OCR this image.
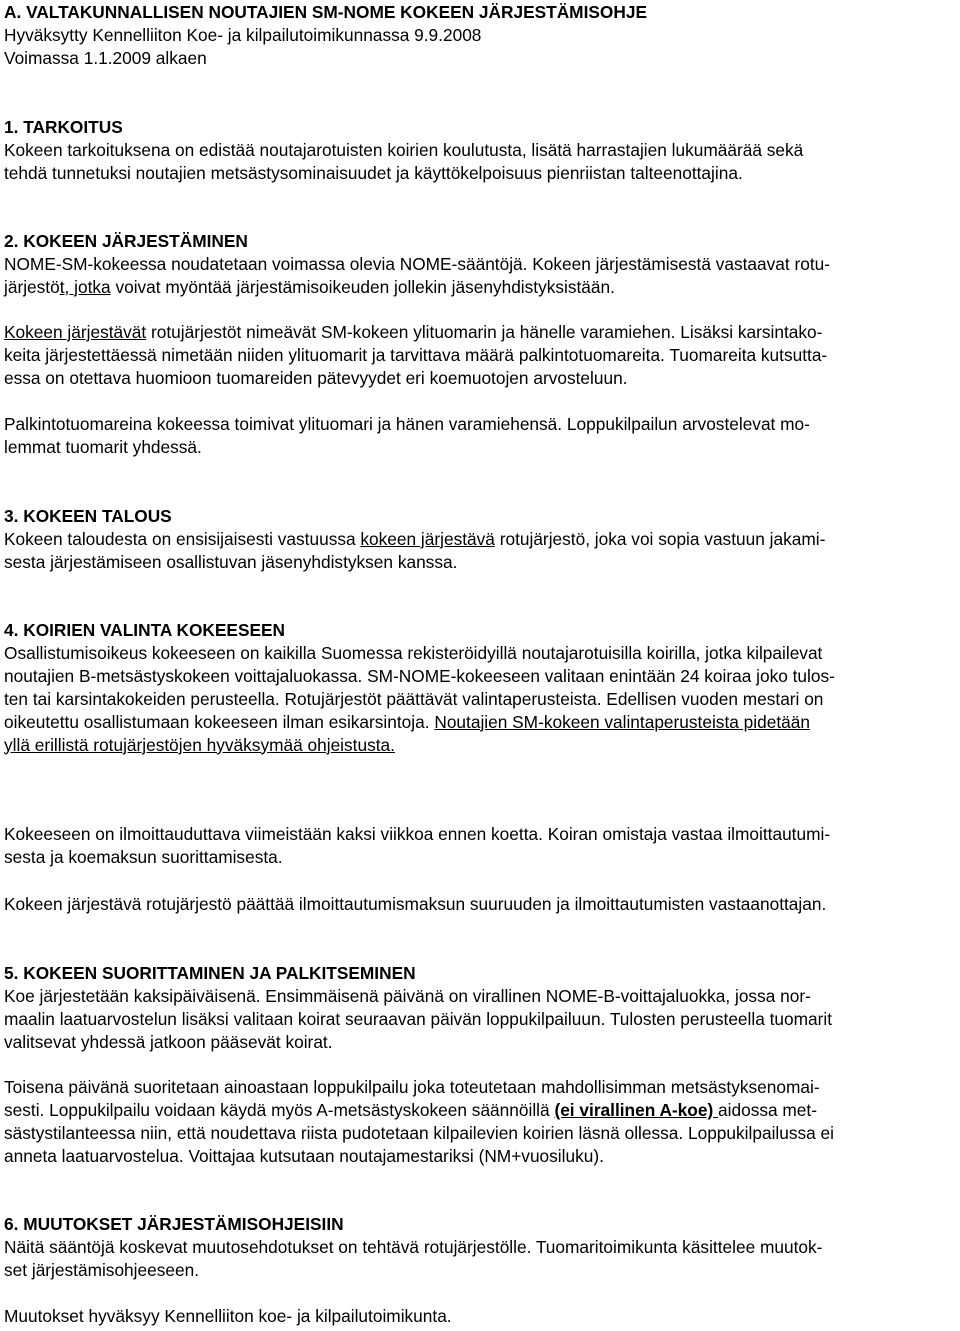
A. VALTAKUNNALLISEN NOUTAJIEN SM-NOME KOKEEN JÄRJESTÄMISOHJE
Hyväksytty Kennelliiton Koe- ja kilpailutoimikunnassa 9.9.2008
Voimassa 1.1.2009 alkaen
1. TARKOITUS
Kokeen tarkoituksena on edistää noutajarotuisten koirien koulutusta, lisätä harrastajien lukumäärää sekä
tehdä tunnetuksi noutajien metsästysominaisuudet ja käyttökelpoisuus pienriistan talteenottajina.
2. KOKEEN JÄRJESTÄMINEN
NOME-SM-kokeessa noudatetaan voimassa olevia NOME-sääntöjä. Kokeen järjestämisestä vastaavat rotu-
järjestöt, jotka voivat myöntää järjestämisoikeuden jollekin jäsenyhdistyksistään.
Kokeen järjestävät rotujärjestöt nimeävät SM-kokeen ylituomarin ja hänelle varamiehen. Lisäksi karsintako-
keita järjestettäessä nimetään niiden ylituomarit ja tarvittava määrä palkintotuomareita. Tuomareita kutsutta-
essa on otettava huomioon tuomareiden pätevyydet eri koemuotojen arvosteluun.
Palkintotuomareina kokeessa toimivat ylituomari ja hänen varamiehensä. Loppukilpailun arvostelevat mo-
lemmat tuomarit yhdessä.
3. KOKEEN TALOUS
Kokeen taloudesta on ensisijaisesti vastuussa kokeen järjestävä rotujärjestö, joka voi sopia vastuun jakami-
sesta järjestämiseen osallistuvan jäsenyhdistyksen kanssa.
4. KOIRIEN VALINTA KOKEESEEN
Osallistumisoikeus kokeeseen on kaikilla Suomessa rekisteröidyillä noutajarotuisilla koirilla, jotka kilpailevat
noutajien B-metsästyskokeen voittajaluokassa. SM-NOME-kokeeseen valitaan enintään 24 koiraa joko tulos-
ten tai karsintakokeiden perusteella. Rotujärjestöt päättävät valintaperusteista. Edellisen vuoden mestari on
oikeutettu osallistumaan kokeeseen ilman esikarsintoja. Noutajien SM-kokeen valintaperusteista pidetään
yllä erillistä rotujärjestöjen hyväksymää ohjeistusta.
Kokeeseen on ilmoittauduttava viimeistään kaksi viikkoa ennen koetta. Koiran omistaja vastaa ilmoittautumi-
sesta ja koemaksun suorittamisesta.
Kokeen järjestävä rotujärjestö päättää ilmoittautumismaksun suuruuden ja ilmoittautumisten vastaanottajan.
5. KOKEEN SUORITTAMINEN JA PALKITSEMINEN
Koe järjestetään kaksipäiväisenä. Ensimmäisenä päivänä on virallinen NOME-B-voittajaluokka, jossa nor-
maalin laatuarvostelun lisäksi valitaan koirat seuraavan päivän loppukilpailuun. Tulosten perusteella tuomarit
valitsevat yhdessä jatkoon pääsevät koirat.
Toisena päivänä suoritetaan ainoastaan loppukilpailu joka toteutetaan mahdollisimman metsästyksenomai-
sesti. Loppukilpailu voidaan käydä myös A-metsästyskokeen säännöillä (ei virallinen A-koe) aidossa met-
sästystilanteessa niin, että noudettava riista pudotetaan kilpailevien koirien läsnä ollessa. Loppukilpailussa ei
anneta laatuarvostelua. Voittajaa kutsutaan noutajamestariksi (NM+vuosiluku).
6. MUUTOKSET JÄRJESTÄMISOHJEISIIN
Näitä sääntöjä koskevat muutosehdotukset on tehtävä rotujärjestölle. Tuomaritoimikunta käsittelee muutok-
set järjestämisohjeeseen.
Muutokset hyväksyy Kennelliiton koe- ja kilpailutoimikunta.
